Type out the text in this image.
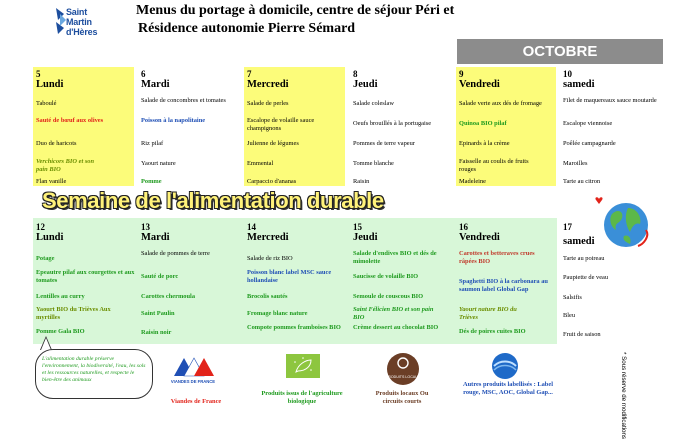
Saint Martin d'Hères
Menus du portage à domicile, centre de séjour Péri et
Résidence autonomie Pierre Sémard
OCTOBRE
5
Lundi
Taboulé
Sauté de bœuf aux olives
Duo de haricots
Verchicors BIO et son pain BIO
Flan vanille
6
Mardi
Salade de concombres et tomates
Poisson à la napolitaine
Riz pilaf
Yaourt nature
Pomme
7
Mercredi
Salade de perles
Escalope de volaille sauce champignons
Julienne de légumes
Emmental
Carpaccio d'ananas
8
Jeudi
Salade coleslaw
Oeufs brouillés à la portugaise
Pommes de terre vapeur
Tomme blanche
Raisin
9
Vendredi
Salade verte aux dés de fromage
Quinoa BIO pilaf
Epinards à la crème
Faisselle au coulis de fruits rouges
Madeleine
10
samedi
Filet de maquereaux sauce moutarde
Escalope viennoise
Poêlée campagnarde
Maroilles
Tarte au citron
Semaine de l'alimentation durable
12
Lundi
Potage
Epeautre pilaf aux courgettes et aux tomates
Lentilles au curry
Yaourt BIO du Trièves Aux myrtilles
Pomme Gala BIO
13
Mardi
Salade de pommes de terre
Sauté de porc
Carottes chermoula
Saint Paulin
Raisin noir
14
Mercredi
Salade de riz BIO
Poisson blanc label MSC sauce hollandaise
Brocolis sautés
Fromage blanc nature
Compote pommes framboises BIO
15
Jeudi
Salade d'endives BIO et dés de mimolette
Saucisse de volaille BIO
Semoule de couscous BIO
Saint Félicien BIO et son pain BIO
Crème dessert au chocolat BIO
16
Vendredi
Carottes et betteraves crues râpées BIO
Spaghetti BIO à la carbonara au saumon label Global Gap
Yaourt nature BIO du Trièves
Dés de poires cuites BIO
17
samedi
Tarte au poireau
Paupiette de veau
Salsifis
Bleu
Fruit de saison
* Sous réserve de modifications
L'alimentation durable préserve l'environnement, la biodiversité, l'eau, les sols et les ressources naturelles, et respecte le bien-être des animaux	VIANDES DE FRANCE
Viandes de France
Produits issus de l'agriculture biologique
PRODUITS LOCAUX
Produits locaux Ou circuits courts
Autres produits labellisés : Label rouge, MSC, AOC, Global Gap...
